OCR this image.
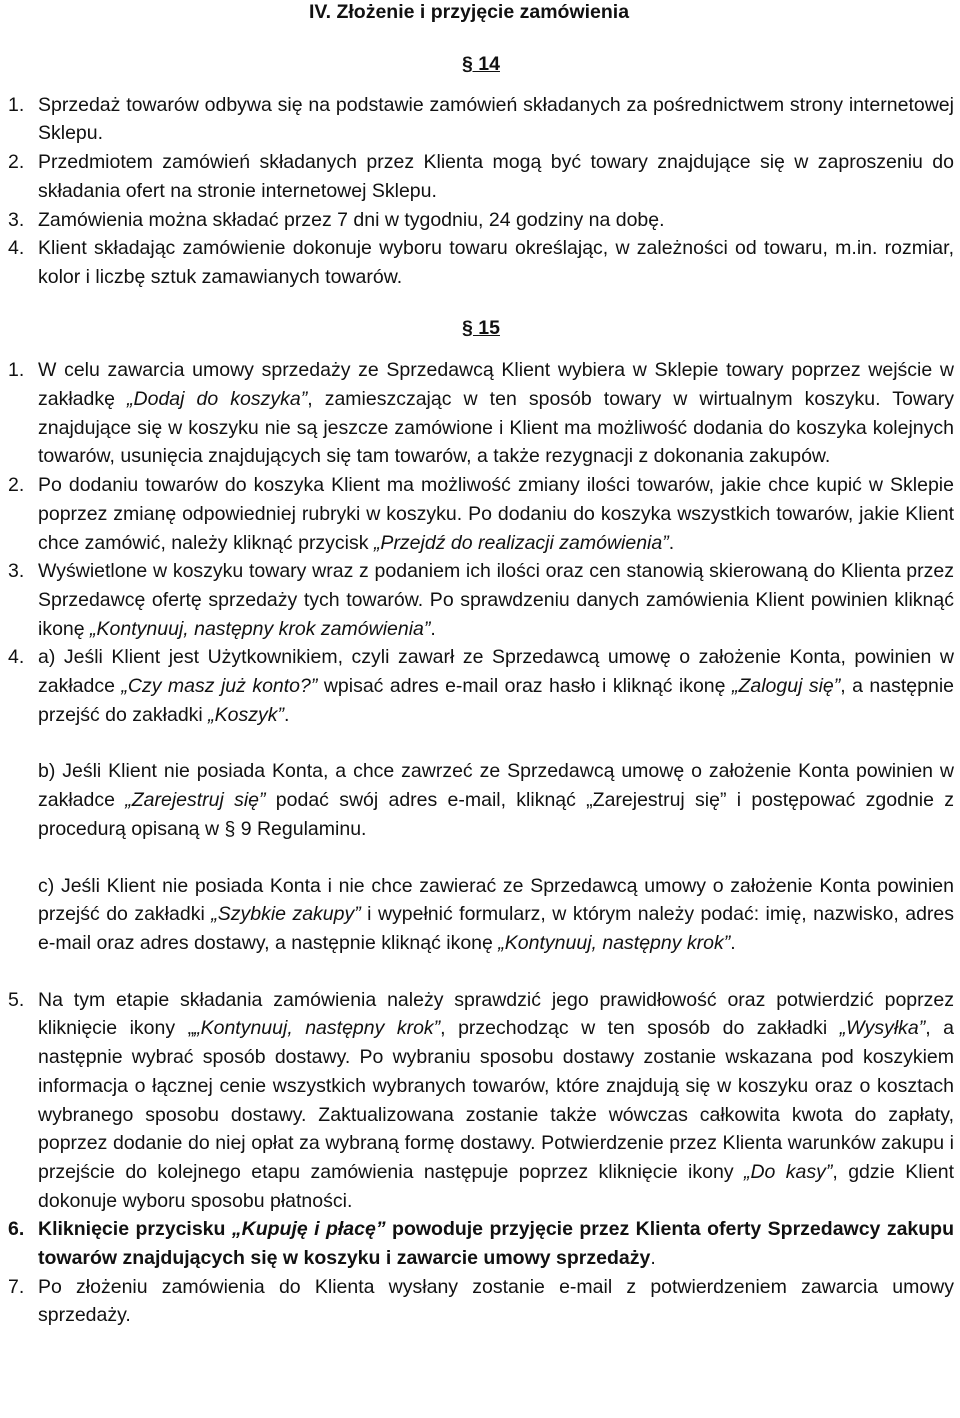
IV. Złożenie i przyjęcie zamówienia

§ 14

1. Sprzedaż towarów odbywa się na podstawie zamówień składanych za pośrednictwem strony internetowej Sklepu.
2. Przedmiotem zamówień składanych przez Klienta mogą być towary znajdujące się w zaproszeniu do składania ofert na stronie internetowej Sklepu.
3. Zamówienia można składać przez 7 dni w tygodniu, 24 godziny na dobę.
4. Klient składając zamówienie dokonuje wyboru towaru określając, w zależności od towaru, m.in. rozmiar, kolor i liczbę sztuk zamawianych towarów.

§ 15

1. W celu zawarcia umowy sprzedaży ze Sprzedawcą Klient wybiera w Sklepie towary poprzez wejście w zakładkę „Dodaj do koszyka”, zamieszczając w ten sposób towary w wirtualnym koszyku. Towary znajdujące się w koszyku nie są jeszcze zamówione i Klient ma możliwość dodania do koszyka kolejnych towarów, usunięcia znajdujących się tam towarów, a także rezygnacji z dokonania zakupów.
2. Po dodaniu towarów do koszyka Klient ma możliwość zmiany ilości towarów, jakie chce kupić w Sklepie poprzez zmianę odpowiedniej rubryki w koszyku. Po dodaniu do koszyka wszystkich towarów, jakie Klient chce zamówić, należy kliknąć przycisk „Przejdź do realizacji zamówienia”.
3. Wyświetlone w koszyku towary wraz z podaniem ich ilości oraz cen stanowią skierowaną do Klienta przez Sprzedawcę ofertę sprzedaży tych towarów. Po sprawdzeniu danych zamówienia Klient powinien kliknąć ikonę „Kontynuuj, następny krok zamówienia”.
4. a) Jeśli Klient jest Użytkownikiem, czyli zawarł ze Sprzedawcą umowę o założenie Konta, powinien w zakładce „Czy masz już konto?” wpisać adres e-mail oraz hasło i kliknąć ikonę „Zaloguj się”, a następnie przejść do zakładki „Koszyk”.
b) Jeśli Klient nie posiada Konta, a chce zawrzeć ze Sprzedawcą umowę o założenie Konta powinien w zakładce „Zarejestruj się” podać swój adres e-mail, kliknąć „Zarejestruj się” i postępować zgodnie z procedurą opisaną w § 9 Regulaminu.
c) Jeśli Klient nie posiada Konta i nie chce zawierać ze Sprzedawcą umowy o założenie Konta powinien przejść do zakładki „Szybkie zakupy” i wypełnić formularz, w którym należy podać: imię, nazwisko, adres e-mail oraz adres dostawy, a następnie kliknąć ikonę „Kontynuuj, następny krok”.
5. Na tym etapie składania zamówienia należy sprawdzić jego prawidłowość oraz potwierdzić poprzez kliknięcie ikony „„Kontynuuj, następny krok”, przechodząc w ten sposób do zakładki „Wysyłka”, a następnie wybrać sposób dostawy. Po wybraniu sposobu dostawy zostanie wskazana pod koszykiem informacja o łącznej cenie wszystkich wybranych towarów, które znajdują się w koszyku oraz o kosztach wybranego sposobu dostawy. Zaktualizowana zostanie także wówczas całkowita kwota do zapłaty, poprzez dodanie do niej opłat za wybraną formę dostawy. Potwierdzenie przez Klienta warunków zakupu i przejście do kolejnego etapu zamówienia następuje poprzez kliknięcie ikony „Do kasy”, gdzie Klient dokonuje wyboru sposobu płatności.
6. Kliknięcie przycisku „Kupuję i płacę” powoduje przyjęcie przez Klienta oferty Sprzedawcy zakupu towarów znajdujących się w koszyku i zawarcie umowy sprzedaży.
7. Po złożeniu zamówienia do Klienta wysłany zostanie e-mail z potwierdzeniem zawarcia umowy sprzedaży.
